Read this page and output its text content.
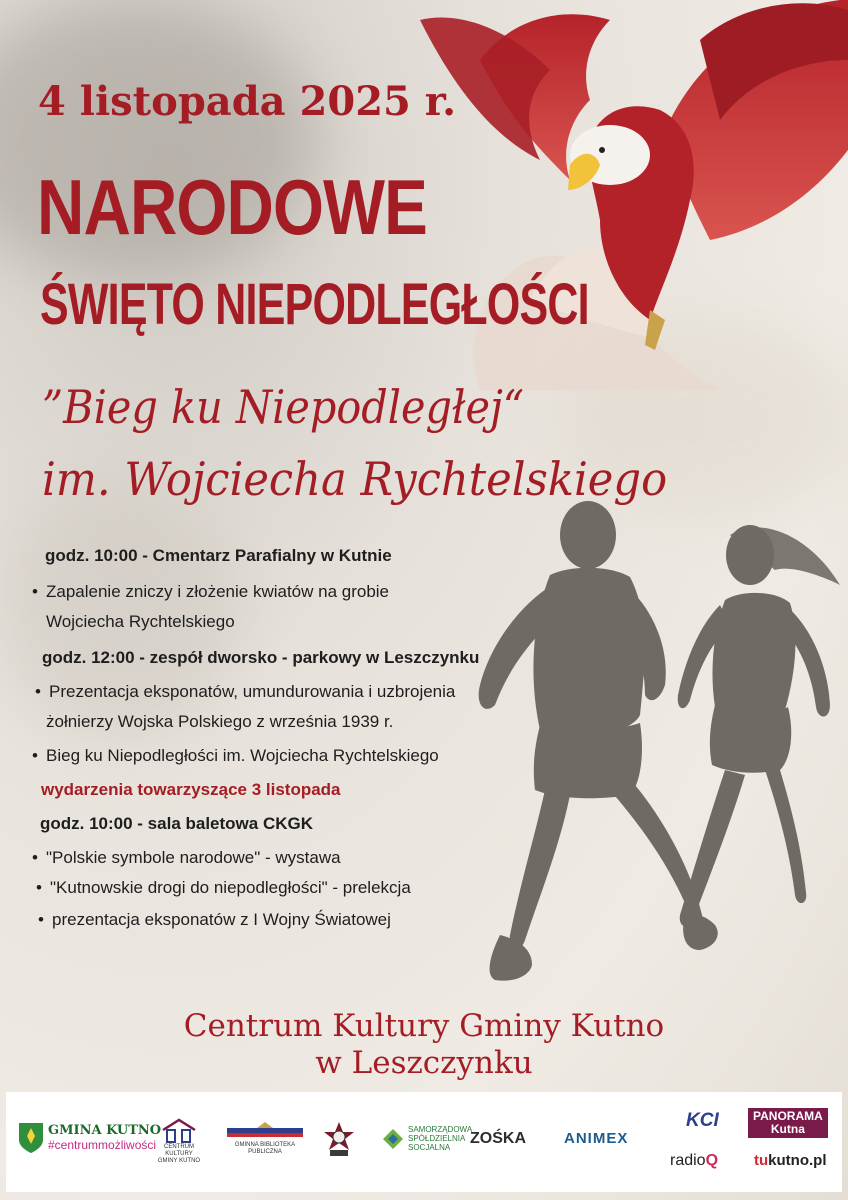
4 listopada 2025 r.
NARODOWE
ŚWIĘTO NIEPODLEGŁOŚCI
”Bieg ku Niepodległej“
im. Wojciecha Rychtelskiego
godz. 10:00 - Cmentarz Parafialny w Kutnie
• Zapalenie zniczy i złożenie kwiatów na grobie
Wojciecha Rychtelskiego
godz. 12:00 - zespół dworsko - parkowy w Leszczynku
• Prezentacja eksponatów, umundurowania i uzbrojenia
żołnierzy Wojska Polskiego z września 1939 r.
• Bieg ku Niepodległości im. Wojciecha Rychtelskiego
wydarzenia towarzyszące 3 listopada
godz. 10:00 - sala baletowa CKGK
• "Polskie symbole narodowe" - wystawa
• "Kutnowskie drogi do niepodległości" - prelekcja
• prezentacja eksponatów z I Wojny Światowej
Centrum Kultury Gminy Kutno
w Leszczynku
GMINA KUTNO
#centrummożliwości	CENTRUM KULTURY GMINY KUTNO
GMINNA BIBLIOTEKA PUBLICZNA
SAMORZĄDOWA
SPÓŁDZIELNIA
SOCJALNA
ZOŚKA	ANIMEX
KCI	PANORAMA
Kutna
radio Q tu kutno.pl
